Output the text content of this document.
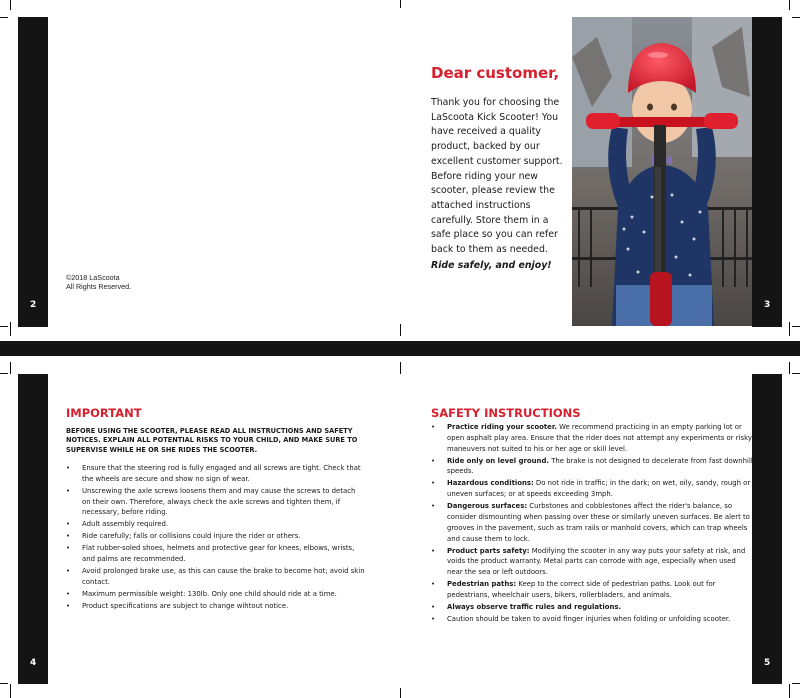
2	3
4	5
©2018 LaScoota
All Rights Reserved.
Dear customer,
Thank you for choosing the LaScoota Kick Scooter! You have received a quality product, backed by our excellent customer support. Before riding your new scooter, please review the attached instructions carefully. Store them in a safe place so you can refer back to them as needed.
Ride safely, and enjoy!
IMPORTANT
BEFORE USING THE SCOOTER, PLEASE READ ALL INSTRUCTIONS AND SAFETY NOTICES. EXPLAIN ALL POTENTIAL RISKS TO YOUR CHILD, AND MAKE SURE TO SUPERVISE WHILE HE OR SHE RIDES THE SCOOTER.
• Ensure that the steering rod is fully engaged and all screws are tight. Check that the wheels are secure and show no sign of wear.
• Unscrewing the axle screws loosens them and may cause the screws to detach on their own. Therefore, always check the axle screws and tighten them, if necessary, before riding.
• Adult assembly required.
• Ride carefully; falls or collisions could injure the rider or others.
• Flat rubber-soled shoes, helmets and protective gear for knees, elbows, wrists, and palms are recommended.
• Avoid prolonged brake use, as this can cause the brake to become hot; avoid skin contact.
• Maximum permissible weight: 130lb. Only one child should ride at a time.
• Product specifications are subject to change wihtout notice.
SAFETY INSTRUCTIONS
• Practice riding your scooter. We recommend practicing in an empty parking lot or open asphalt play area. Ensure that the rider does not attempt any experiments or risky maneuvers not suited to his or her age or skill level.
• Ride only on level ground. The brake is not designed to decelerate from fast downhill speeds.
• Hazardous conditions: Do not ride in traffic; in the dark; on wet, oily, sandy, rough or uneven surfaces; or at speeds exceeding 3mph.
• Dangerous surfaces: Curbstones and cobblestones affect the rider's balance, so consider dismounting when passing over these or similarly uneven surfaces. Be alert to grooves in the pavement, such as tram rails or manhold covers, which can trap wheels and cause them to lock.
• Product parts safety: Modifying the scooter in any way puts your safety at risk, and voids the product warranty. Metal parts can corrode with age, especially when used near the sea or left outdoors.
• Pedestrian paths: Keep to the correct side of pedestrian paths. Look out for pedestrians, wheelchair users, bikers, rollerbladers, and animals.
• Always observe traffic rules and regulations.
• Caution should be taken to avoid finger injuries when folding or unfolding scooter.
